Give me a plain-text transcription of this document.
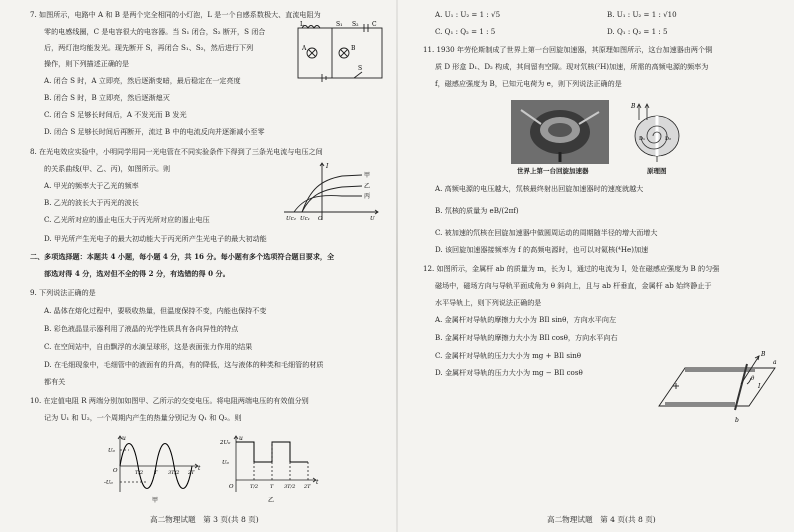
7. 如图所示，电路中 A 和 B 是两个完全相同的小灯泡，L 是一个自感系数极大、直流电阻为
零的电感线圈，C 是电容很大的电容器。当 S₁ 闭合，S₂ 断开，S 闭合
后，两灯泡均能发光。现先断开 S，再闭合 S₁、S₂，然后进行下列
操作，则下列描述正确的是
A. 闭合 S 时，A 立即亮，然后逐渐变暗，最后稳定在一定亮度
B. 闭合 S 时，B 立即亮，然后逐渐熄灭
C. 闭合 S 足够长时间后，A 不发光而 B 发光
D. 闭合 S 足够长时间后再断开，流过 B 中的电流反向并逐渐减小至零
L	S₁ S₂ C
A	B
S
8. 在光电效应实验中，小明同学用同一光电管在不同实验条件下得到了三条光电流与电压之间
的关系曲线(甲、乙、丙)，如图所示。则
A. 甲光的频率大于乙光的频率
B. 乙光的波长大于丙光的波长
C. 乙光所对应的遏止电压大于丙光所对应的遏止电压
D. 甲光所产生光电子的最大初动能大于丙光所产生光电子的最大初动能
I
甲
乙
丙
Uc₂ Uc₁ O	U
二、多项选择题：本题共 4 小题，每小题 4 分，共 16 分。每小题有多个选项符合题目要求，全
部选对得 4 分，选对但不全的得 2 分，有选错的得 0 分。
9. 下列说法正确的是
A. 晶体在熔化过程中，要吸收热量，但温度保持不变，内能也保持不变
B. 彩色液晶显示器利用了液晶的光学性质具有各向异性的特点
C. 在空间站中，自由飘浮的水滴呈球形，这是表面张力作用的结果
D. 在毛细现象中，毛细管中的液面有的升高，有的降低，这与液体的种类和毛细管的材质
都有关
10. 在定值电阻 R 两端分别加如图甲、乙所示的交变电压。将电阻两端电压的有效值分别
记为 U₁ 和 U₂，一个周期内产生的热量分别记为 Q₁ 和 Q₂。则
u
U₀
-U₀
T/2 T 3T/2 2T
t
O
甲
u
2U₀
U₀
O	T/2 T 3T/2 2T
t
乙
高二物理试题　第 3 页(共 8 页)
A. U₁ : U₂ = 1 : √5	B. U₁ : U₂ = 1 : √10
C. Q₁ : Q₂ = 1 : 5	D. Q₁ : Q₂ = 1 : 5
11. 1930 年劳伦斯制成了世界上第一台回旋加速器，其原理如图所示，这台加速器由两个铜
质 D 形盒 D₁、D₂ 构成，其间留有空隙。现对氘核(²H)加速，所需的高频电源的频率为
f，磁感应强度为 B，已知元电荷为 e，则下列说法正确的是
世界上第一台回旋加速器
B
D₁	D₂
原理图
A. 高频电源的电压越大，氘核最终射出回旋加速器时的速度就越大
B. 氘核的质量为 eB/(2πf)
C. 被加速的氘核在回旋加速器中做圆周运动的周期随半径的增大而增大
D. 该回旋加速器接频率为 f 的高频电源时，也可以对氦核(⁴He)加速
12. 如图所示，金属杆 ab 的质量为 m，长为 l，通过的电流为 I，处在磁感应强度为 B 的匀强
磁场中，磁场方向与导轨平面成角为 θ 斜向上，且与 ab 杆垂直，金属杆 ab 始终静止于
水平导轨上，则下列说法正确的是
A. 金属杆对导轨的摩擦力大小为 BIl sinθ，方向水平向左
B. 金属杆对导轨的摩擦力大小为 BIl cosθ，方向水平向右
C. 金属杆对导轨的压力大小为 mg + BIl sinθ
D. 金属杆对导轨的压力大小为 mg − BIl cosθ
B
a
θ
I
b
高二物理试题　第 4 页(共 8 页)
